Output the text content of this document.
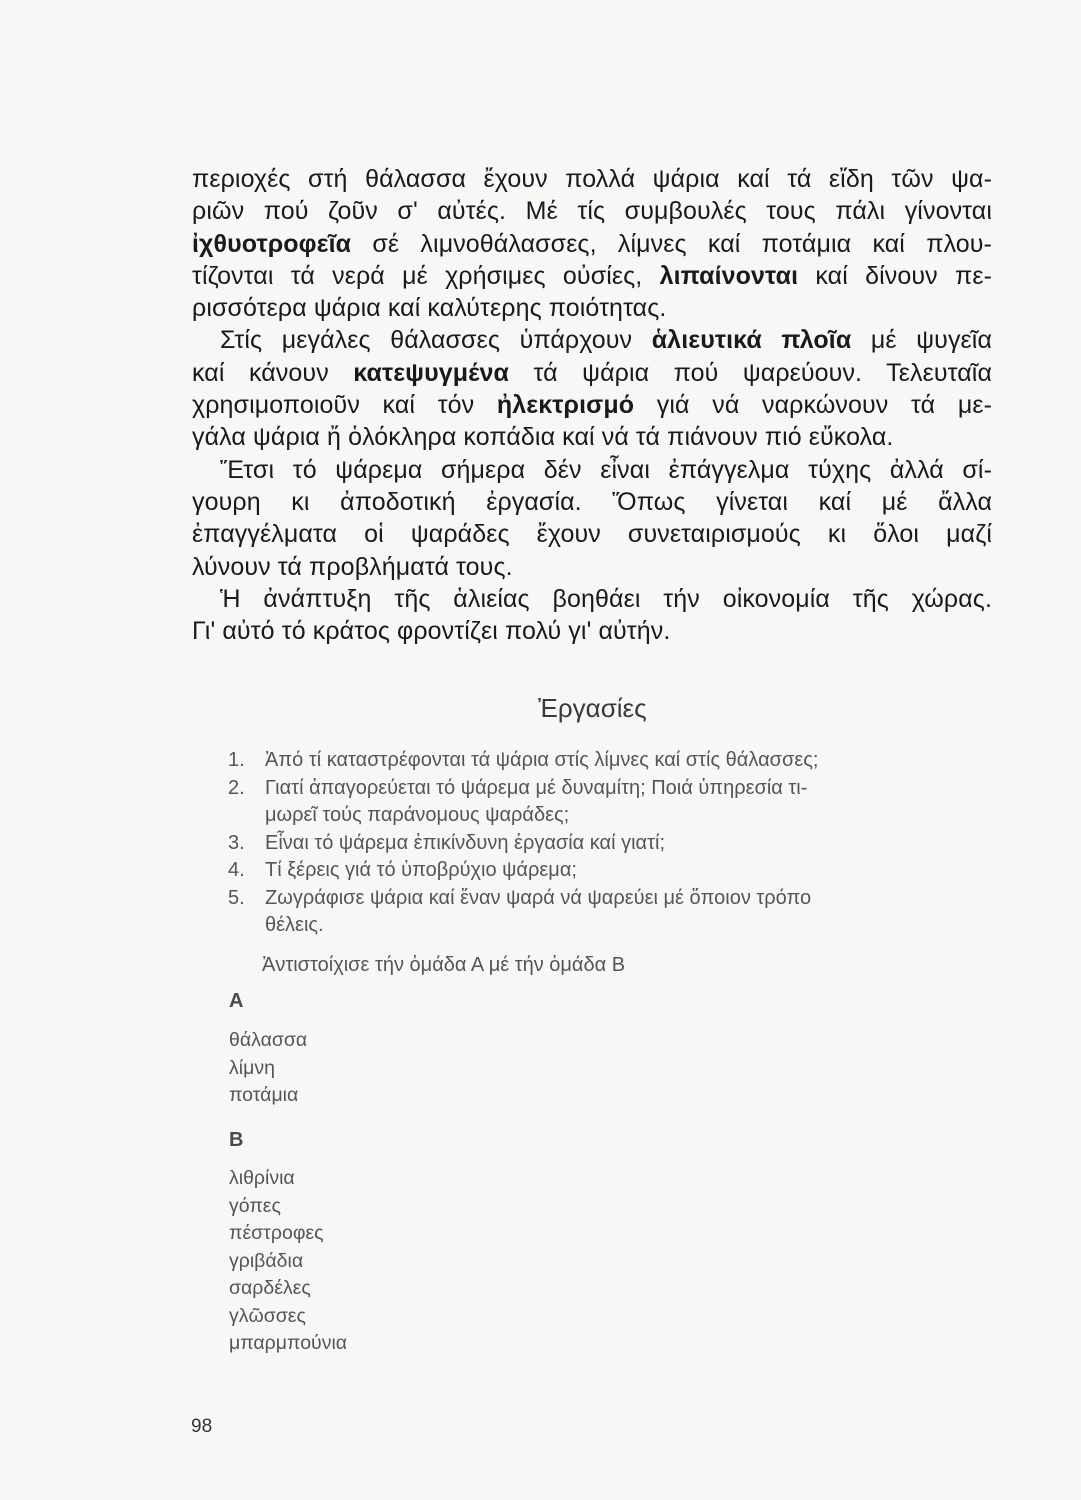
περιοχές στή θάλασσα ἔχουν πολλά ψάρια καί τά εἴδη τῶν ψα-
ριῶν πού ζοῦν σ' αὐτές. Μέ τίς συμβουλές τους πάλι γίνονται
ἰχθυοτροφεῖα σέ λιμνοθάλασσες, λίμνες καί ποτάμια καί πλου-
τίζονται τά νερά μέ χρήσιμες οὐσίες, λιπαίνονται καί δίνουν πε-
ρισσότερα ψάρια καί καλύτερης ποιότητας.
Στίς μεγάλες θάλασσες ὑπάρχουν ἁλιευτικά πλοῖα μέ ψυγεῖα
καί κάνουν κατεψυγμένα τά ψάρια πού ψαρεύουν. Τελευταῖα
χρησιμοποιοῦν καί τόν ἠλεκτρισμό γιά νά ναρκώνουν τά με-
γάλα ψάρια ἤ ὁλόκληρα κοπάδια καί νά τά πιάνουν πιό εὔκολα.
Ἔτσι τό ψάρεμα σήμερα δέν εἶναι ἐπάγγελμα τύχης ἀλλά σί-
γουρη κι ἀποδοτική ἐργασία. Ὅπως γίνεται καί μέ ἄλλα
ἐπαγγέλματα οἱ ψαράδες ἔχουν συνεταιρισμούς κι ὅλοι μαζί
λύνουν τά προβλήματά τους.
Ἡ ἀνάπτυξη τῆς ἁλιείας βοηθάει τήν οἰκονομία τῆς χώρας.
Γι' αὐτό τό κράτος φροντίζει πολύ γι' αὐτήν.
Ἐργασίες
1. Ἀπό τί καταστρέφονται τά ψάρια στίς λίμνες καί στίς θάλασσες;
2. Γιατί ἀπαγορεύεται τό ψάρεμα μέ δυναμίτη; Ποιά ὑπηρεσία τι-
μωρεῖ τούς παράνομους ψαράδες;
3. Εἶναι τό ψάρεμα ἐπικίνδυνη ἐργασία καί γιατί;
4. Τί ξέρεις γιά τό ὑποβρύχιο ψάρεμα;
5. Ζωγράφισε ψάρια καί ἕναν ψαρά νά ψαρεύει μέ ὅποιον τρόπο
θέλεις.
Ἀντιστοίχισε τήν ὁμάδα Α μέ τήν ὁμάδα Β
Α
θάλασσα
λίμνη
ποτάμια
Β
λιθρίνια
γόπες
πέστροφες
γριβάδια
σαρδέλες
γλῶσσες
μπαρμπούνια
98
